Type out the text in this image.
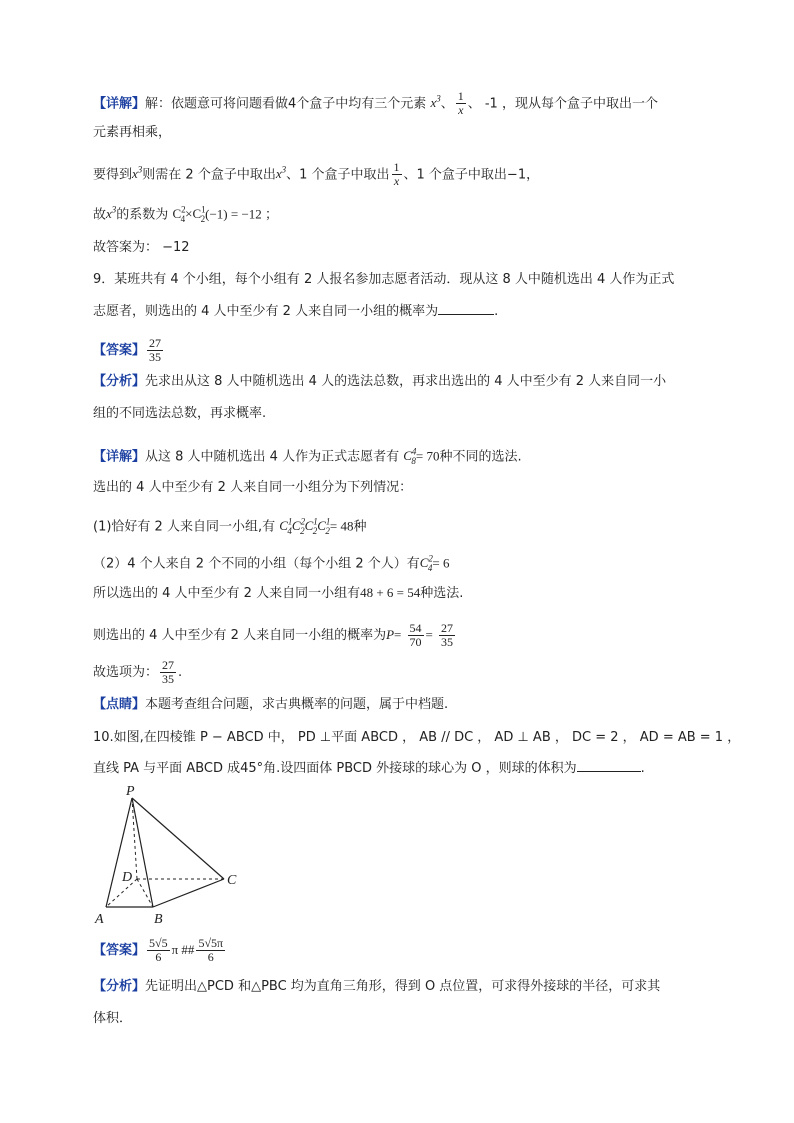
【详解】解：依题意可将问题看做4个盒子中均有三个元素 $x^3$、 $\frac{1}{x}$ 、 -1 ，现从每个盒子中取出一个
元素再相乘，
要得到$x^3$则需在 2 个盒子中取出$x^3$、1 个盒子中取出 $\frac{1}{x}$ 、1 个盒子中取出−1，
故$x^3$的系数为 $C^2_4\times C^1_2(-1) = -12$ ；
故答案为： −12
9．某班共有 4 个小组，每个小组有 2 人报名参加志愿者活动．现从这 8 人中随机选出 4 人作为正式
志愿者，则选出的 4 人中至少有 2 人来自同一小组的概率为	.
【答案】 $\frac{27}{35}$
【分析】先求出从这 8 人中随机选出 4 人的选法总数，再求出选出的 4 人中至少有 2 人来自同一小
组的不同选法总数，再求概率.
【详解】从这 8 人中随机选出 4 人作为正式志愿者有 $C^4_8= 70$种不同的选法.
选出的 4 人中至少有 2 人来自同一小组分为下列情况：
(1)恰好有 2 人来自同一小组,有 $C^1_4C^2_2C^1_2C^1_2= 48$种
（2）4 个人来自 2 个不同的小组（每个小组 2 个人）有$C^2_4= 6$
所以选出的 4 人中至少有 2 人来自同一小组有48 + 6 = 54种选法.
则选出的 4 人中至少有 2 人来自同一小组的概率为$P= \frac{54}{70} = \frac{27}{35}$
故选项为： $\frac{27}{35}$ .
【点睛】本题考查组合问题，求古典概率的问题，属于中档题.
10.如图,在四棱锥 P − ABCD 中， PD ⊥平面 ABCD ， AB // DC ， AD ⊥ AB ， DC = 2 ， AD = AB = 1 ，
直线 PA 与平面 ABCD 成45°角.设四面体 PBCD 外接球的球心为 O ，则球的体积为	.
P
A	B
C
D
【答案】 $\frac{5√5}{6}$ π ## $\frac{5√5\pi}{6}$
【分析】先证明出△PCD 和△PBC 均为直角三角形，得到 O 点位置，可求得外接球的半径，可求其
体积．
